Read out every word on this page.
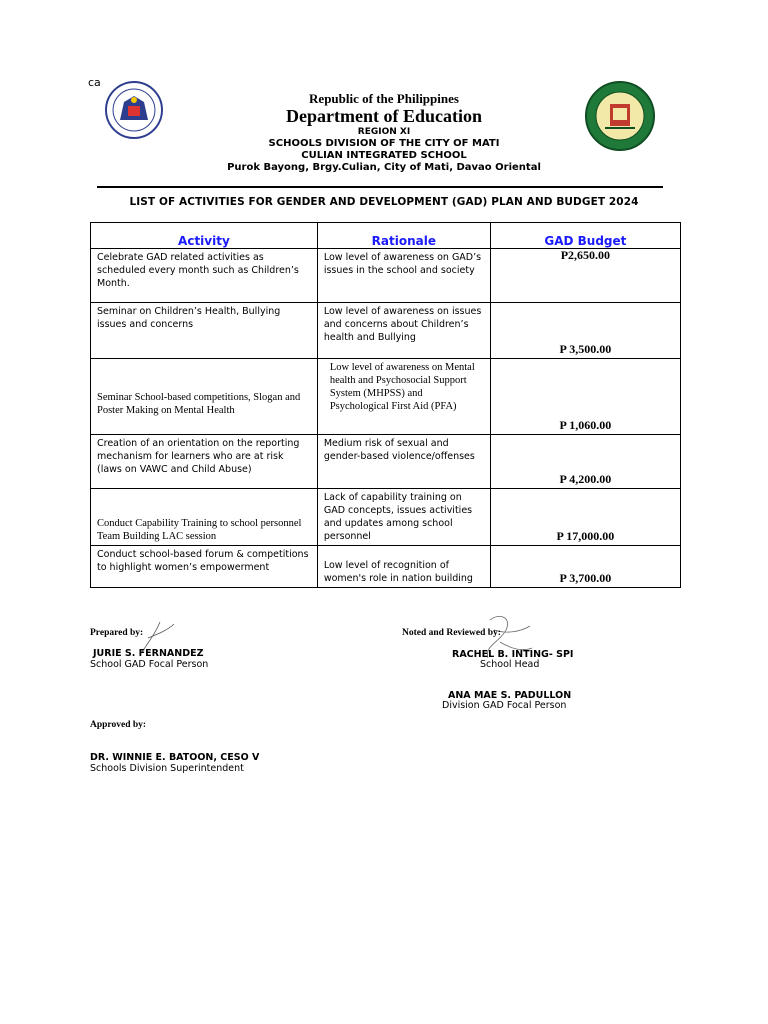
ca
Republic of the Philippines
Department of Education
REGION XI
SCHOOLS DIVISION OF THE CITY OF MATI
CULIAN INTEGRATED SCHOOL
Purok Bayong, Brgy.Culian, City of Mati, Davao Oriental
LIST OF ACTIVITIES FOR GENDER AND DEVELOPMENT (GAD) PLAN AND BUDGET 2024
Activity	Rationale	GAD Budget
Celebrate GAD related activities as scheduled every month such as Children’s Month.	Low level of awareness on GAD’s issues in the school and society	P2,650.00
Seminar on Children’s Health, Bullying issues and concerns	Low level of awareness on issues and concerns about Children’s health and Bullying	P 3,500.00
Seminar School-based competitions, Slogan and Poster Making on Mental Health	Low level of awareness on Mental health and Psychosocial Support System (MHPSS) and Psychological First Aid (PFA)	P 1,060.00
Creation of an orientation on the reporting mechanism for learners who are at risk (laws on VAWC and Child Abuse)	Medium risk of sexual and gender-based violence/offenses	P 4,200.00
Conduct Capability Training to school personnel Team Building LAC session	Lack of capability training on GAD concepts, issues activities and updates among school personnel	P 17,000.00
Conduct school-based forum & competitions to highlight women’s empowerment	Low level of recognition of women's role in nation building	P 3,700.00
Prepared by:
JURIE S. FERNANDEZ
School GAD Focal Person
Noted and Reviewed by:
RACHEL B. INTING- SPI
School Head
ANA MAE S. PADULLON
Division GAD Focal Person
Approved by:
DR. WINNIE E. BATOON, CESO V
Schools Division Superintendent
